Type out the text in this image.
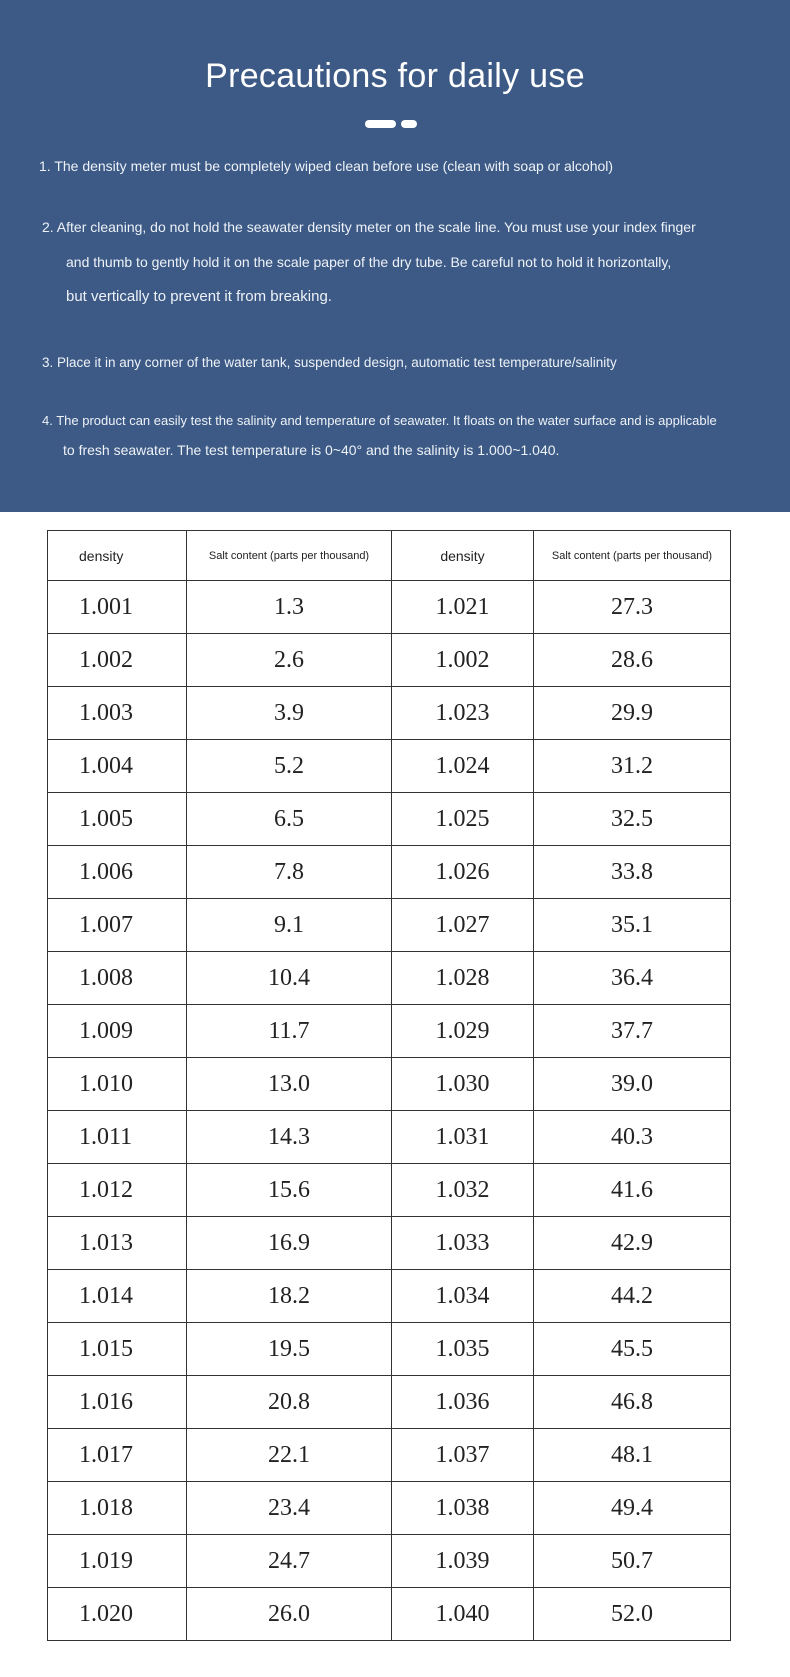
Precautions for daily use
1. The density meter must be completely wiped clean before use (clean with soap or alcohol)
2. After cleaning, do not hold the seawater density meter on the scale line. You must use your index finger
and thumb to gently hold it on the scale paper of the dry tube. Be careful not to hold it horizontally,
but vertically to prevent it from breaking.
3. Place it in any corner of the water tank, suspended design, automatic test temperature/salinity
4. The product can easily test the salinity and temperature of seawater. It floats on the water surface and is applicable
to fresh seawater. The test temperature is 0~40° and the salinity is 1.000~1.040.
density	Salt content (parts per thousand)	density	Salt content (parts per thousand)
1.001	1.3	1.021	27.3
1.002	2.6	1.002	28.6
1.003	3.9	1.023	29.9
1.004	5.2	1.024	31.2
1.005	6.5	1.025	32.5
1.006	7.8	1.026	33.8
1.007	9.1	1.027	35.1
1.008	10.4	1.028	36.4
1.009	11.7	1.029	37.7
1.010	13.0	1.030	39.0
1.011	14.3	1.031	40.3
1.012	15.6	1.032	41.6
1.013	16.9	1.033	42.9
1.014	18.2	1.034	44.2
1.015	19.5	1.035	45.5
1.016	20.8	1.036	46.8
1.017	22.1	1.037	48.1
1.018	23.4	1.038	49.4
1.019	24.7	1.039	50.7
1.020	26.0	1.040	52.0
